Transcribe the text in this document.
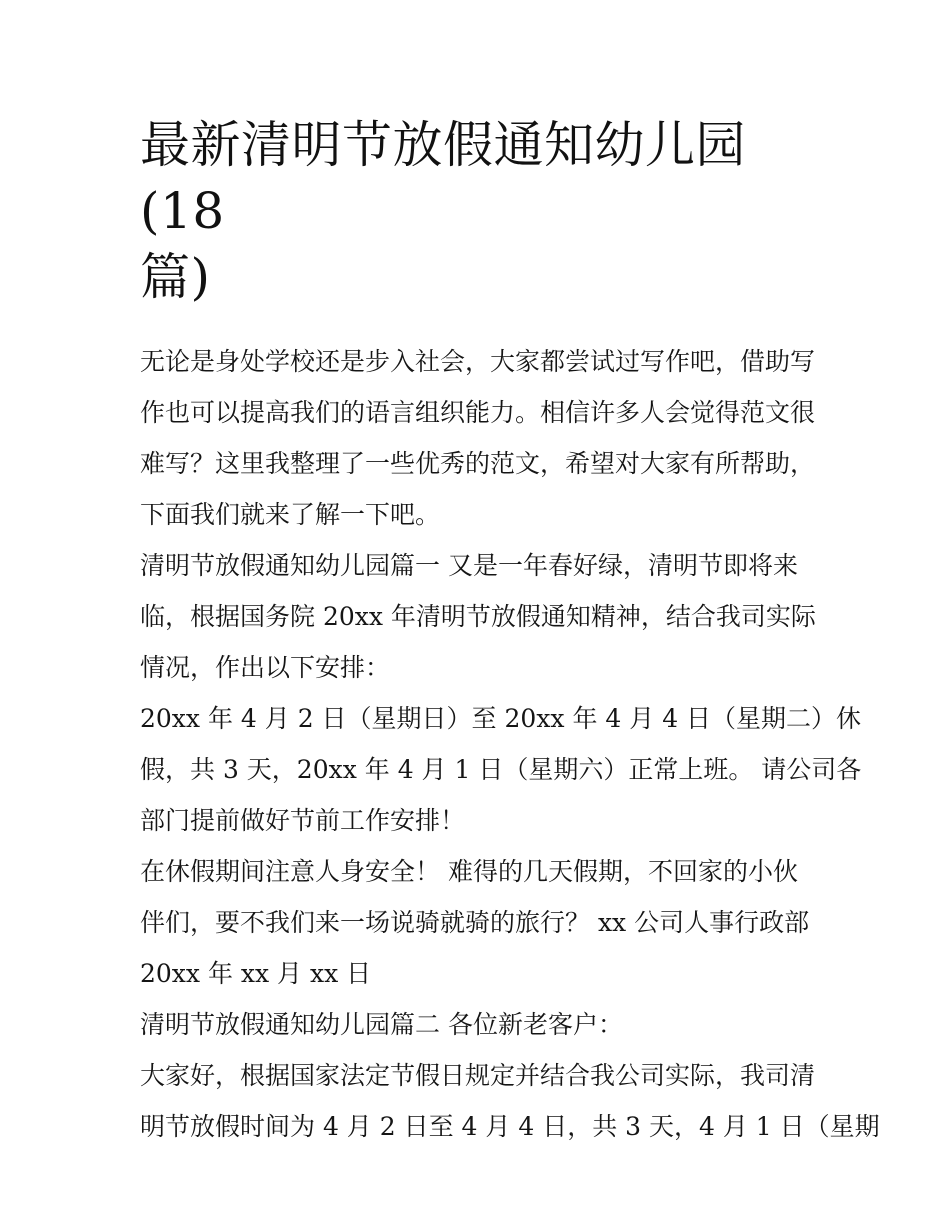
最新清明节放假通知幼儿园(18
篇)
无论是身处学校还是步入社会，大家都尝试过写作吧，借助写
作也可以提高我们的语言组织能力。相信许多人会觉得范文很
难写？这里我整理了一些优秀的范文，希望对大家有所帮助，
下面我们就来了解一下吧。
清明节放假通知幼儿园篇一 又是一年春好绿，清明节即将来
临，根据国务院 20xx 年清明节放假通知精神，结合我司实际
情况，作出以下安排：
20xx 年 4 月 2 日（星期日）至 20xx 年 4 月 4 日（星期二）休
假，共 3 天，20xx 年 4 月 1 日（星期六）正常上班。 请公司各
部门提前做好节前工作安排！
在休假期间注意人身安全！ 难得的几天假期，不回家的小伙
伴们，要不我们来一场说骑就骑的旅行？ xx 公司人事行政部
20xx 年 xx 月 xx 日
清明节放假通知幼儿园篇二 各位新老客户：
大家好，根据国家法定节假日规定并结合我公司实际，我司清
明节放假时间为 4 月 2 日至 4 月 4 日，共 3 天，4 月 1 日（星期
